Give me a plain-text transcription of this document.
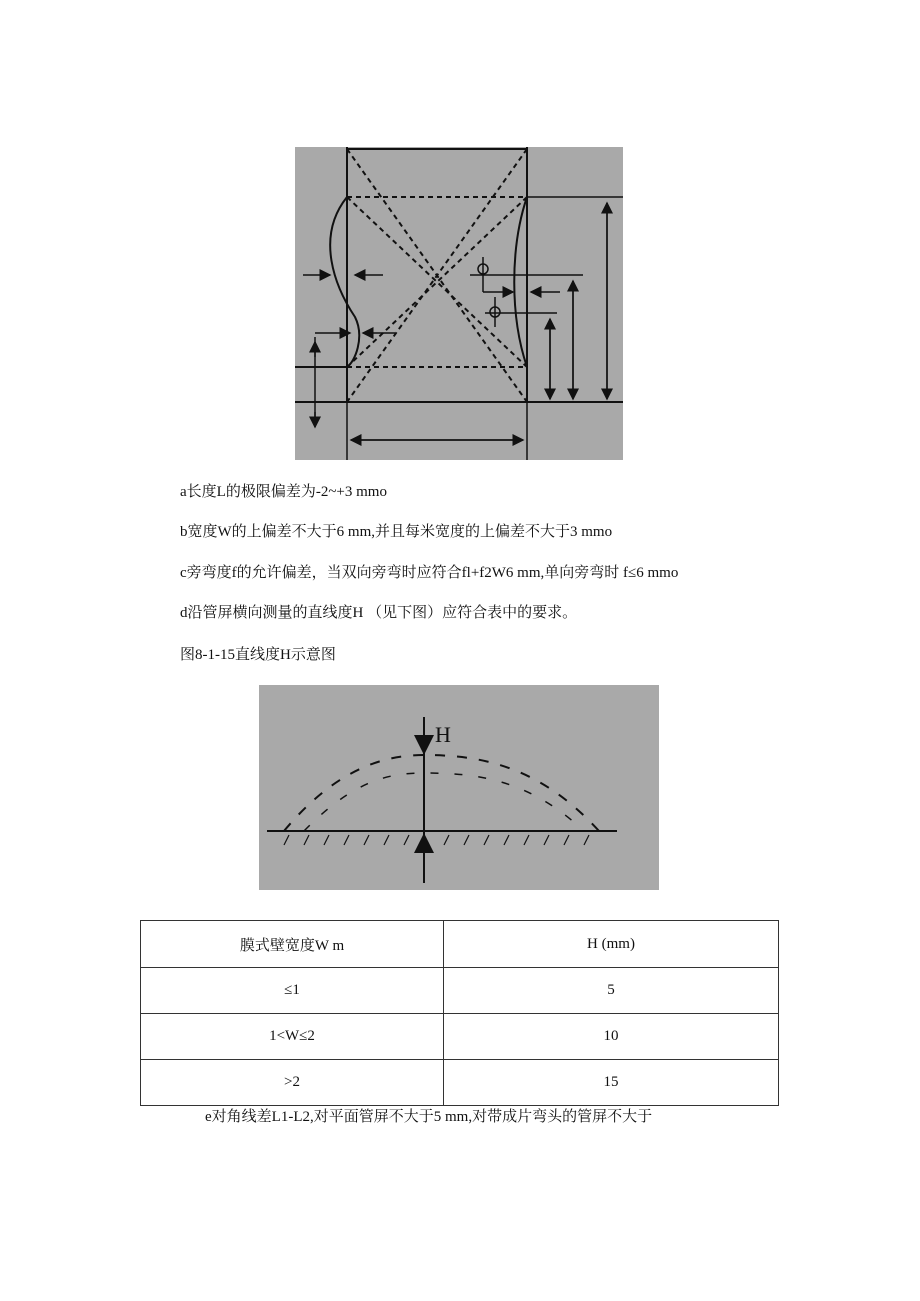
a长度L的极限偏差为-2~+3 mmo
b宽度W的上偏差不大于6 mm,并且每米宽度的上偏差不大于3 mmo
c旁弯度f的允许偏差，当双向旁弯时应符合fl+f2W6 mm,单向旁弯时 f≤6 mmo
d沿管屏横向测量的直线度H （见下图）应符合表中的要求。
图8-1-15直线度H示意图
H
膜式壁宽度W m	H (mm)
≤1	5
1<W≤2	10
>2	15
e对角线差L1-L2,对平面管屏不大于5 mm,对带成片弯头的管屏不大于
